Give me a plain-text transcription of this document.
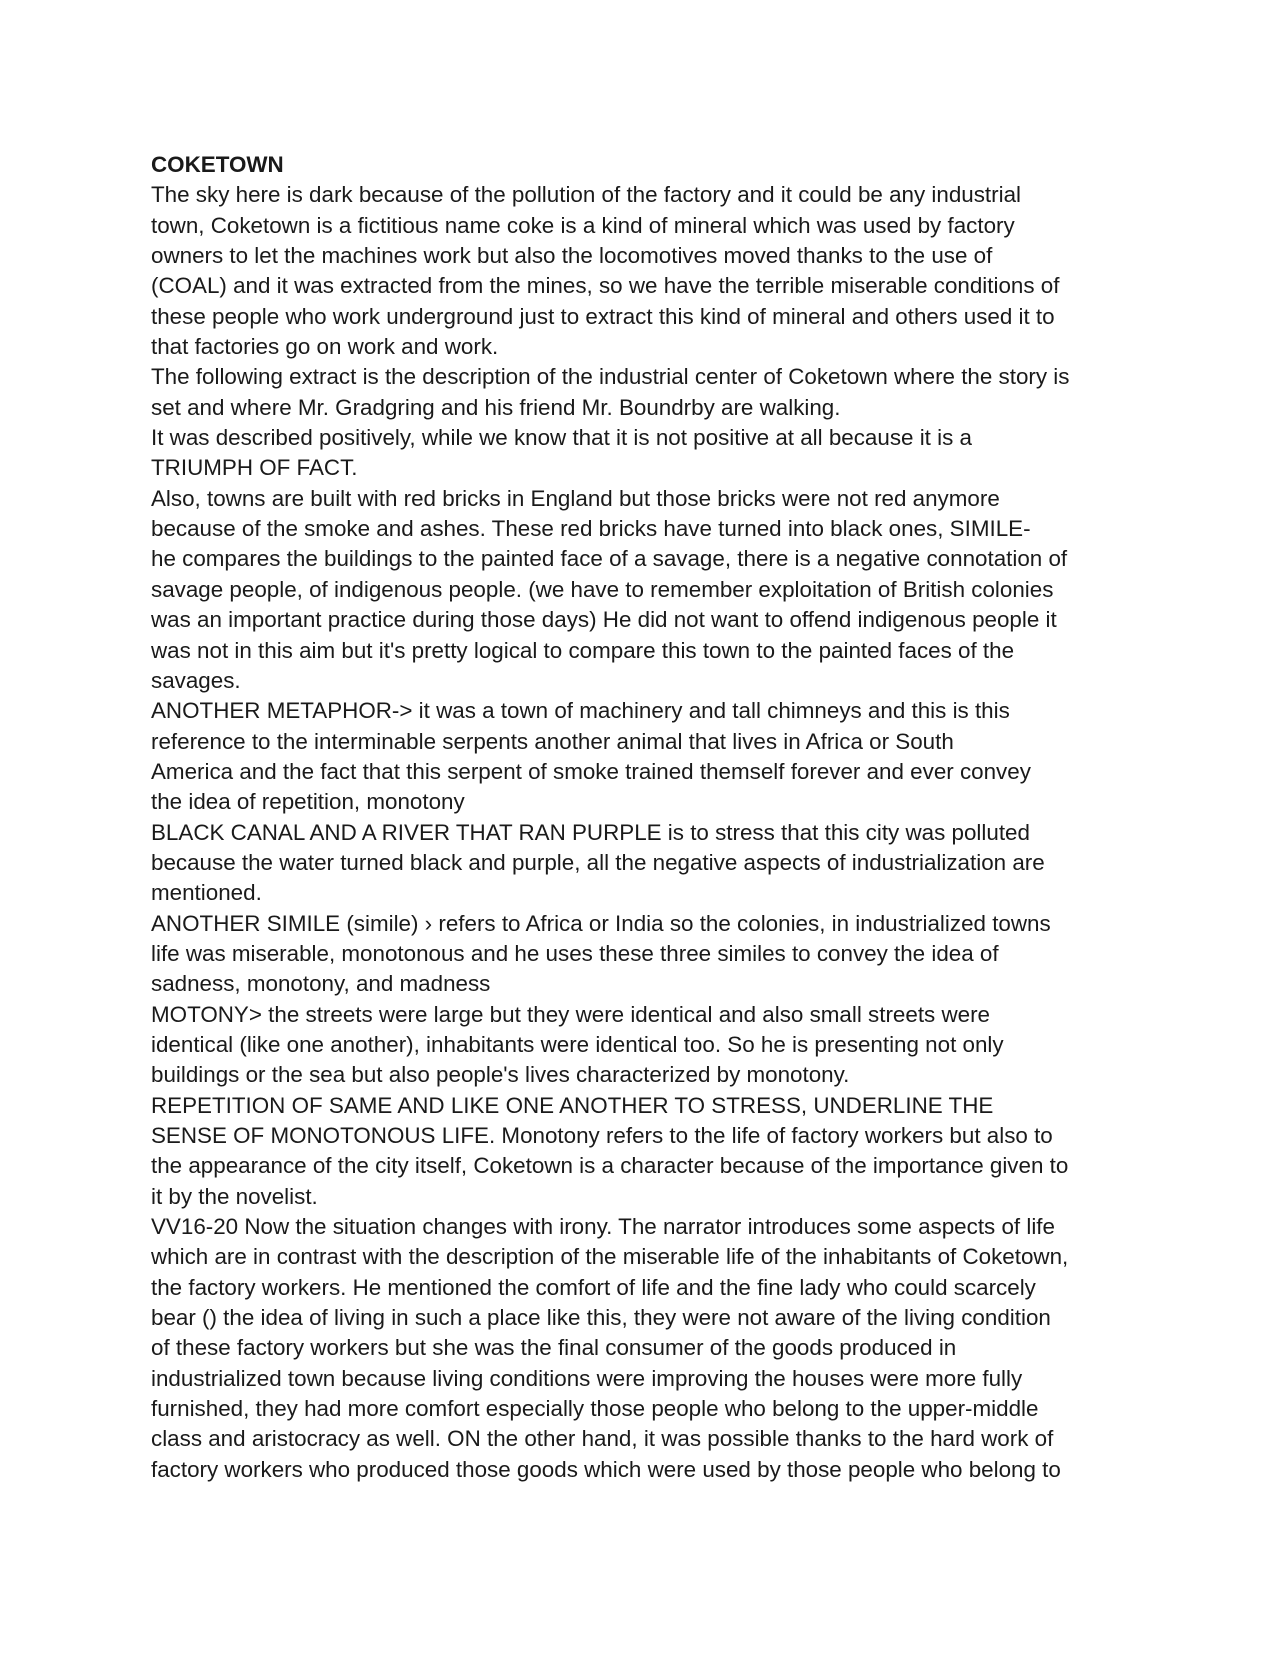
COKETOWN

The sky here is dark because of the pollution of the factory and it could be any industrial
town, Coketown is a fictitious name coke is a kind of mineral which was used by factory
owners to let the machines work but also the locomotives moved thanks to the use of
(COAL) and it was extracted from the mines, so we have the terrible miserable conditions of
these people who work underground just to extract this kind of mineral and others used it to
that factories go on work and work.

The following extract is the description of the industrial center of Coketown where the story is
set and where Mr. Gradgring and his friend Mr. Boundrby are walking.

It was described positively, while we know that it is not positive at all because it is a
TRIUMPH OF FACT.

Also, towns are built with red bricks in England but those bricks were not red anymore
because of the smoke and ashes. These red bricks have turned into black ones, SIMILE-
he compares the buildings to the painted face of a savage, there is a negative connotation of
savage people, of indigenous people. (we have to remember exploitation of British colonies
was an important practice during those days) He did not want to offend indigenous people it
was not in this aim but it's pretty logical to compare this town to the painted faces of the
savages.

ANOTHER METAPHOR-> it was a town of machinery and tall chimneys and this is this
reference to the interminable serpents another animal that lives in Africa or South
America and the fact that this serpent of smoke trained themself forever and ever convey
the idea of repetition, monotony

BLACK CANAL AND A RIVER THAT RAN PURPLE is to stress that this city was polluted
because the water turned black and purple, all the negative aspects of industrialization are
mentioned.

ANOTHER SIMILE (simile) › refers to Africa or India so the colonies, in industrialized towns
life was miserable, monotonous and he uses these three similes to convey the idea of
sadness, monotony, and madness

MOTONY> the streets were large but they were identical and also small streets were
identical (like one another), inhabitants were identical too. So he is presenting not only
buildings or the sea but also people's lives characterized by monotony.

REPETITION OF SAME AND LIKE ONE ANOTHER TO STRESS, UNDERLINE THE
SENSE OF MONOTONOUS LIFE. Monotony refers to the life of factory workers but also to
the appearance of the city itself, Coketown is a character because of the importance given to
it by the novelist.

VV16-20 Now the situation changes with irony. The narrator introduces some aspects of life
which are in contrast with the description of the miserable life of the inhabitants of Coketown,
the factory workers. He mentioned the comfort of life and the fine lady who could scarcely
bear () the idea of living in such a place like this, they were not aware of the living condition
of these factory workers but she was the final consumer of the goods produced in
industrialized town because living conditions were improving the houses were more fully
furnished, they had more comfort especially those people who belong to the upper-middle
class and aristocracy as well. ON the other hand, it was possible thanks to the hard work of
factory workers who produced those goods which were used by those people who belong to
